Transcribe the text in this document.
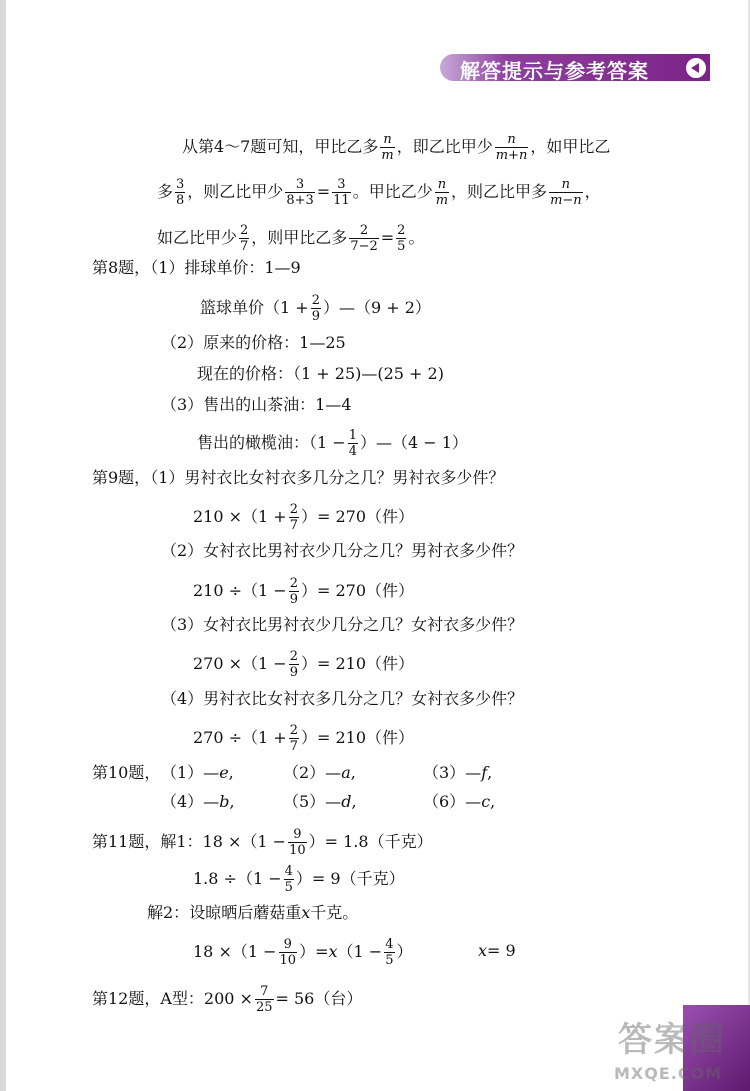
解答提示与参考答案
从第4～7题可知，甲比乙多 $\frac{n}{m}$ ，即乙比甲少 $\frac{n}{m+n}$ ，如甲比乙
多 $\frac{3}{8}$ ，则乙比甲少 $\frac{3}{8+3} = \frac{3}{11}$ 。甲比乙少 $\frac{n}{m}$ ，则乙比甲多 $\frac{n}{m-n}$ ，
如乙比甲少 $\frac{2}{7}$ ，则甲比乙多 $\frac{2}{7-2} = \frac{2}{5}$ 。
第8题，（1）排球单价：1—9
篮球单价（$1 + \frac{2}{9}$ ）—（9 + 2）
（2）原来的价格：1—25
现在的价格：（1 + 25)—(25 + 2)
（3）售出的山茶油：1—4
售出的橄榄油：（$1 - \frac{1}{4}$ ）—（4 − 1）
第9题，（1）男衬衣比女衬衣多几分之几？男衬衣多少件？
$210 \times(1 + \frac{2}{7}$ ）= 270（件）
（2）女衬衣比男衬衣少几分之几？男衬衣多少件？
$210 \div(1 - \frac{2}{9}$ ）= 270（件）
（3）女衬衣比男衬衣少几分之几？女衬衣多少件？
$270 \times(1 - \frac{2}{9}$ ）= 210（件）
（4）男衬衣比女衬衣多几分之几？女衬衣多少件？
$270 \div(1 + \frac{2}{7}$ ）= 210（件）
第10题， （1）—e,	（2）—a,	（3）—f,
（4）—b,	（5）—d,	（6）—c,
第11题，解1：$18 \times(1 - \frac{9}{10}$ ）= 1.8（千克）
$1.8 \div(1 - \frac{4}{5}$ ）= 9（千克）
解2：设晾晒后蘑菇重x千克。
$18 \times(1 - \frac{9}{10} )=x(1 - \frac{4}{5}$ ）	x= 9
第12题，A型：$200 \times \frac{7}{25} = 56$（台）
答案圈
MXQE.COM
